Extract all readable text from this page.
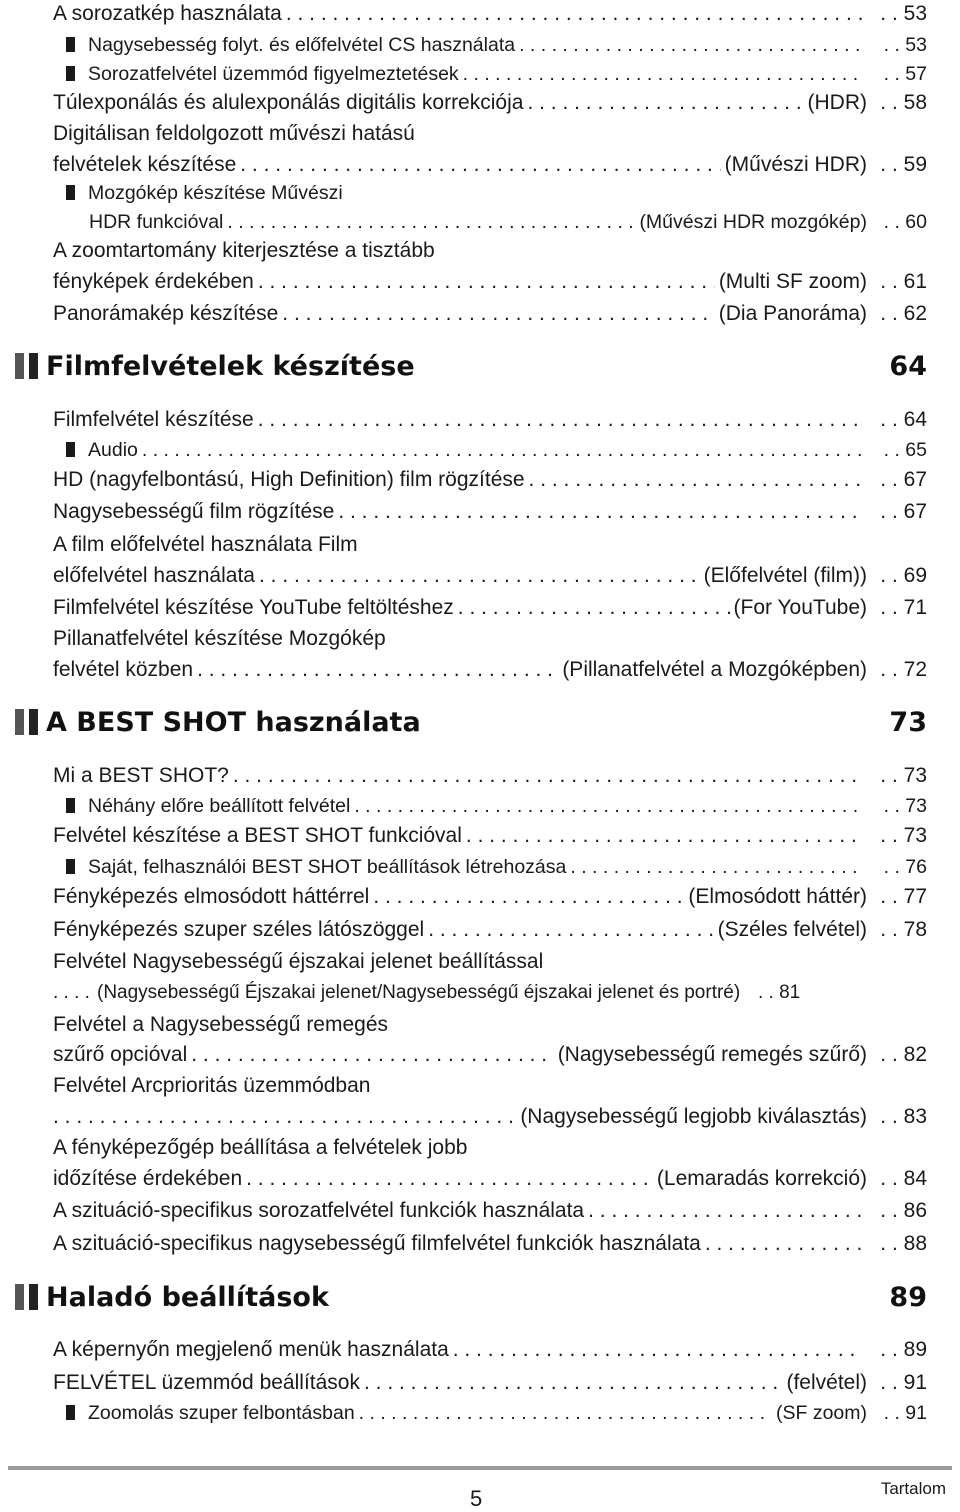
A sorozatkép használata . . .	. . 53
Nagysebesség folyt. és előfelvétel CS használata . . .	. . 53
Sorozatfelvétel üzemmód figyelmeztetések . . .	. . 57
Túlexponálás és alulexponálás digitális korrekciója . . .	(HDR)	. . 58
Digitálisan feldolgozott művészi hatású
felvételek készítése . . .	(Művészi HDR)	. . 59
Mozgókép készítése Művészi
HDR funkcióval . . .	(Művészi HDR mozgókép)	. . 60
A zoomtartomány kiterjesztése a tisztább
fényképek érdekében . . .	(Multi SF zoom)	. . 61
Panorámakép készítése . . .	(Dia Panoráma)	. . 62
Filmfelvételek készítése	64
Filmfelvétel készítése . . .	. . 64
Audio . . .	. . 65
HD (nagyfelbontású, High Definition) film rögzítése . . .	. . 67
Nagysebességű film rögzítése . . .	. . 67
A film előfelvétel használata Film
előfelvétel használata . . .	(Előfelvétel (film))	. . 69
Filmfelvétel készítése YouTube feltöltéshez . . .	(For YouTube)	. . 71
Pillanatfelvétel készítése Mozgókép
felvétel közben . . .	(Pillanatfelvétel a Mozgóképben)	. . 72
A BEST SHOT használata	73
Mi a BEST SHOT? . . .	. . 73
Néhány előre beállított felvétel . . .	. . 73
Felvétel készítése a BEST SHOT funkcióval . . .	. . 73
Saját, felhasználói BEST SHOT beállítások létrehozása . . .	. . 76
Fényképezés elmosódott háttérrel . . .	(Elmosódott háttér)	. . 77
Fényképezés szuper széles látószöggel . . .	(Széles felvétel)	. . 78
Felvétel Nagysebességű éjszakai jelenet beállítással
. . .
(Nagysebességű Éjszakai jelenet/Nagysebességű éjszakai jelenet és portré)	. . 81
Felvétel a Nagysebességű remegés
szűrő opcióval . . .	(Nagysebességű remegés szűrő)	. . 82
Felvétel Arcprioritás üzemmódban
. . .
(Nagysebességű legjobb kiválasztás)	. . 83
A fényképezőgép beállítása a felvételek jobb
időzítése érdekében . . .	(Lemaradás korrekció)	. . 84
A szituáció-specifikus sorozatfelvétel funkciók használata . . .	. . 86
A szituáció-specifikus nagysebességű filmfelvétel funkciók használata . . .	. . 88
Haladó beállítások	89
A képernyőn megjelenő menük használata . . .	. . 89
FELVÉTEL üzemmód beállítások . . .	(felvétel)	. . 91
Zoomolás szuper felbontásban . . .	(SF zoom)	. . 91
5	Tartalom
